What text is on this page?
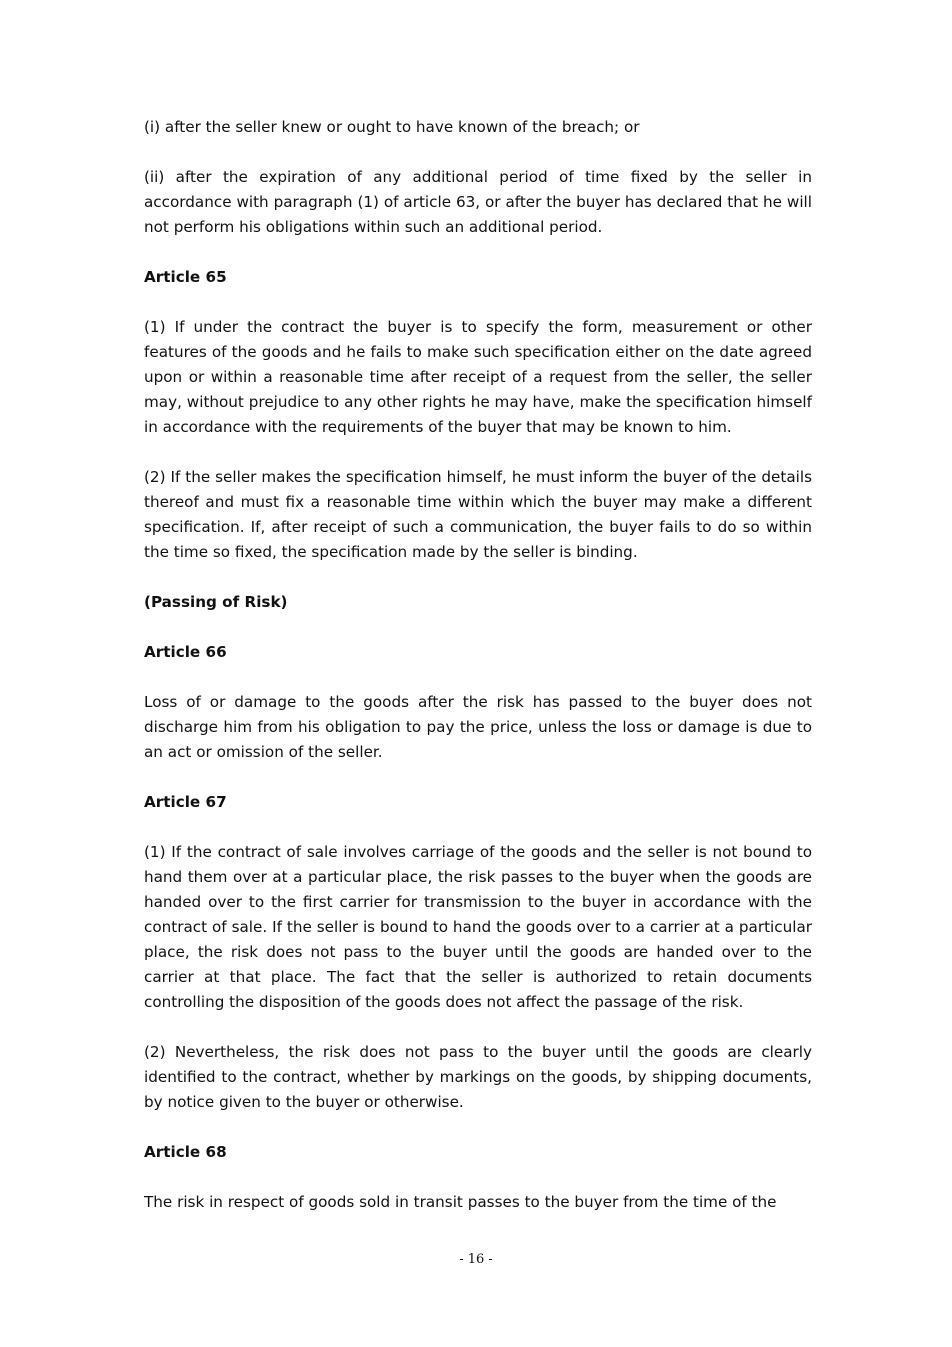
(i) after the seller knew or ought to have known of the breach; or

(ii) after the expiration of any additional period of time fixed by the seller in accordance with paragraph (1) of article 63, or after the buyer has declared that he will not perform his obligations within such an additional period.

Article 65

(1) If under the contract the buyer is to specify the form, measurement or other features of the goods and he fails to make such specification either on the date agreed upon or within a reasonable time after receipt of a request from the seller, the seller may, without prejudice to any other rights he may have, make the specification himself in accordance with the requirements of the buyer that may be known to him.

(2) If the seller makes the specification himself, he must inform the buyer of the details thereof and must fix a reasonable time within which the buyer may make a different specification. If, after receipt of such a communication, the buyer fails to do so within the time so fixed, the specification made by the seller is binding.

(Passing of Risk)

Article 66

Loss of or damage to the goods after the risk has passed to the buyer does not discharge him from his obligation to pay the price, unless the loss or damage is due to an act or omission of the seller.

Article 67

(1) If the contract of sale involves carriage of the goods and the seller is not bound to hand them over at a particular place, the risk passes to the buyer when the goods are handed over to the first carrier for transmission to the buyer in accordance with the contract of sale. If the seller is bound to hand the goods over to a carrier at a particular place, the risk does not pass to the buyer until the goods are handed over to the carrier at that place. The fact that the seller is authorized to retain documents controlling the disposition of the goods does not affect the passage of the risk.

(2) Nevertheless, the risk does not pass to the buyer until the goods are clearly identified to the contract, whether by markings on the goods, by shipping documents, by notice given to the buyer or otherwise.

Article 68

The risk in respect of goods sold in transit passes to the buyer from the time of the

- 16 -
